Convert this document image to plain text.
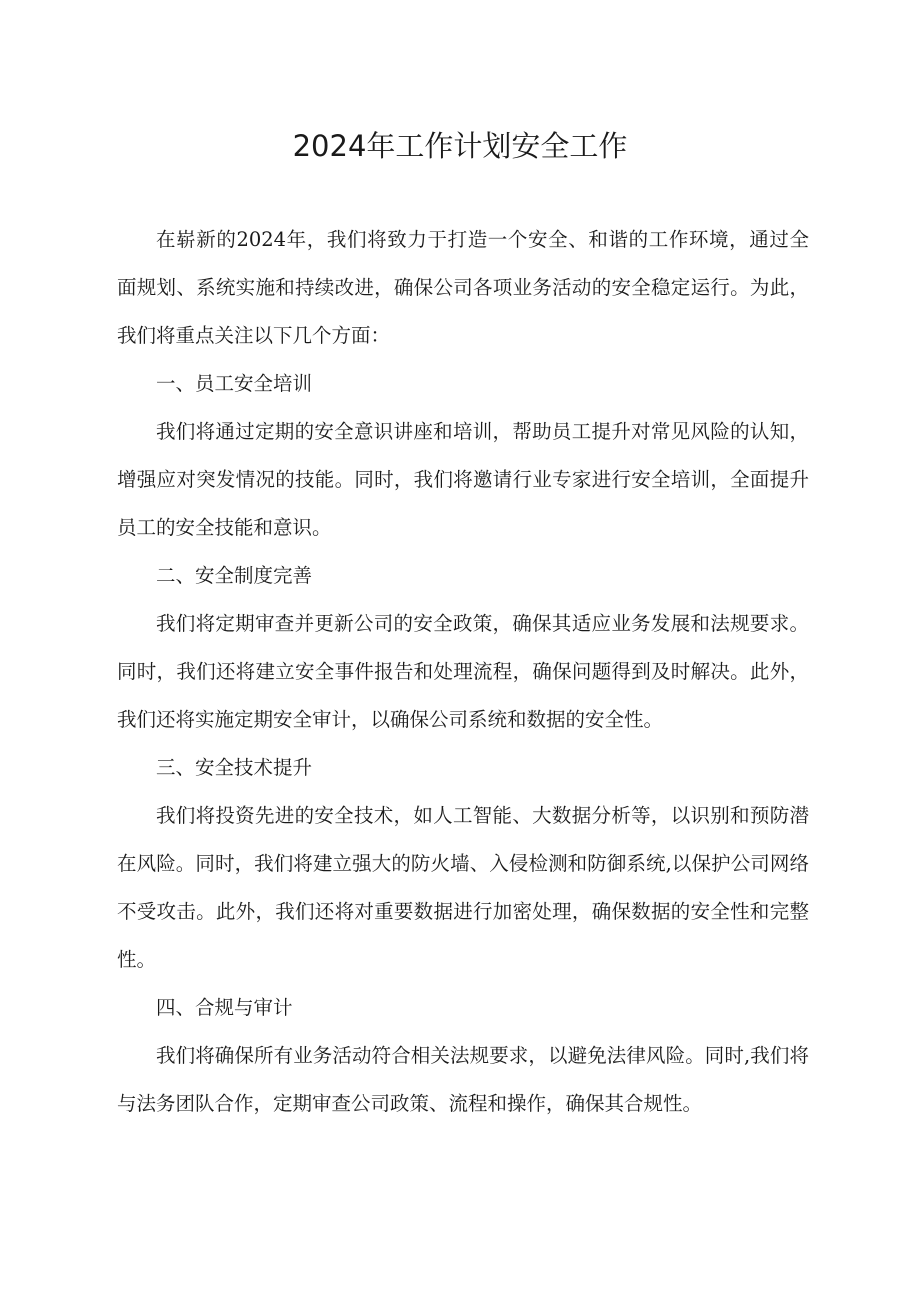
2024年工作计划安全工作

在崭新的2024年，我们将致力于打造一个安全、和谐的工作环境，通过全面规划、系统实施和持续改进，确保公司各项业务活动的安全稳定运行。为此，我们将重点关注以下几个方面：

一、员工安全培训

我们将通过定期的安全意识讲座和培训，帮助员工提升对常见风险的认知，增强应对突发情况的技能。同时，我们将邀请行业专家进行安全培训，全面提升员工的安全技能和意识。

二、安全制度完善

我们将定期审查并更新公司的安全政策，确保其适应业务发展和法规要求。同时，我们还将建立安全事件报告和处理流程，确保问题得到及时解决。此外，我们还将实施定期安全审计，以确保公司系统和数据的安全性。

三、安全技术提升

我们将投资先进的安全技术，如人工智能、大数据分析等，以识别和预防潜在风险。同时，我们将建立强大的防火墙、入侵检测和防御系统,以保护公司网络不受攻击。此外，我们还将对重要数据进行加密处理，确保数据的安全性和完整性。

四、合规与审计

我们将确保所有业务活动符合相关法规要求，以避免法律风险。同时,我们将与法务团队合作，定期审查公司政策、流程和操作，确保其合规性。
